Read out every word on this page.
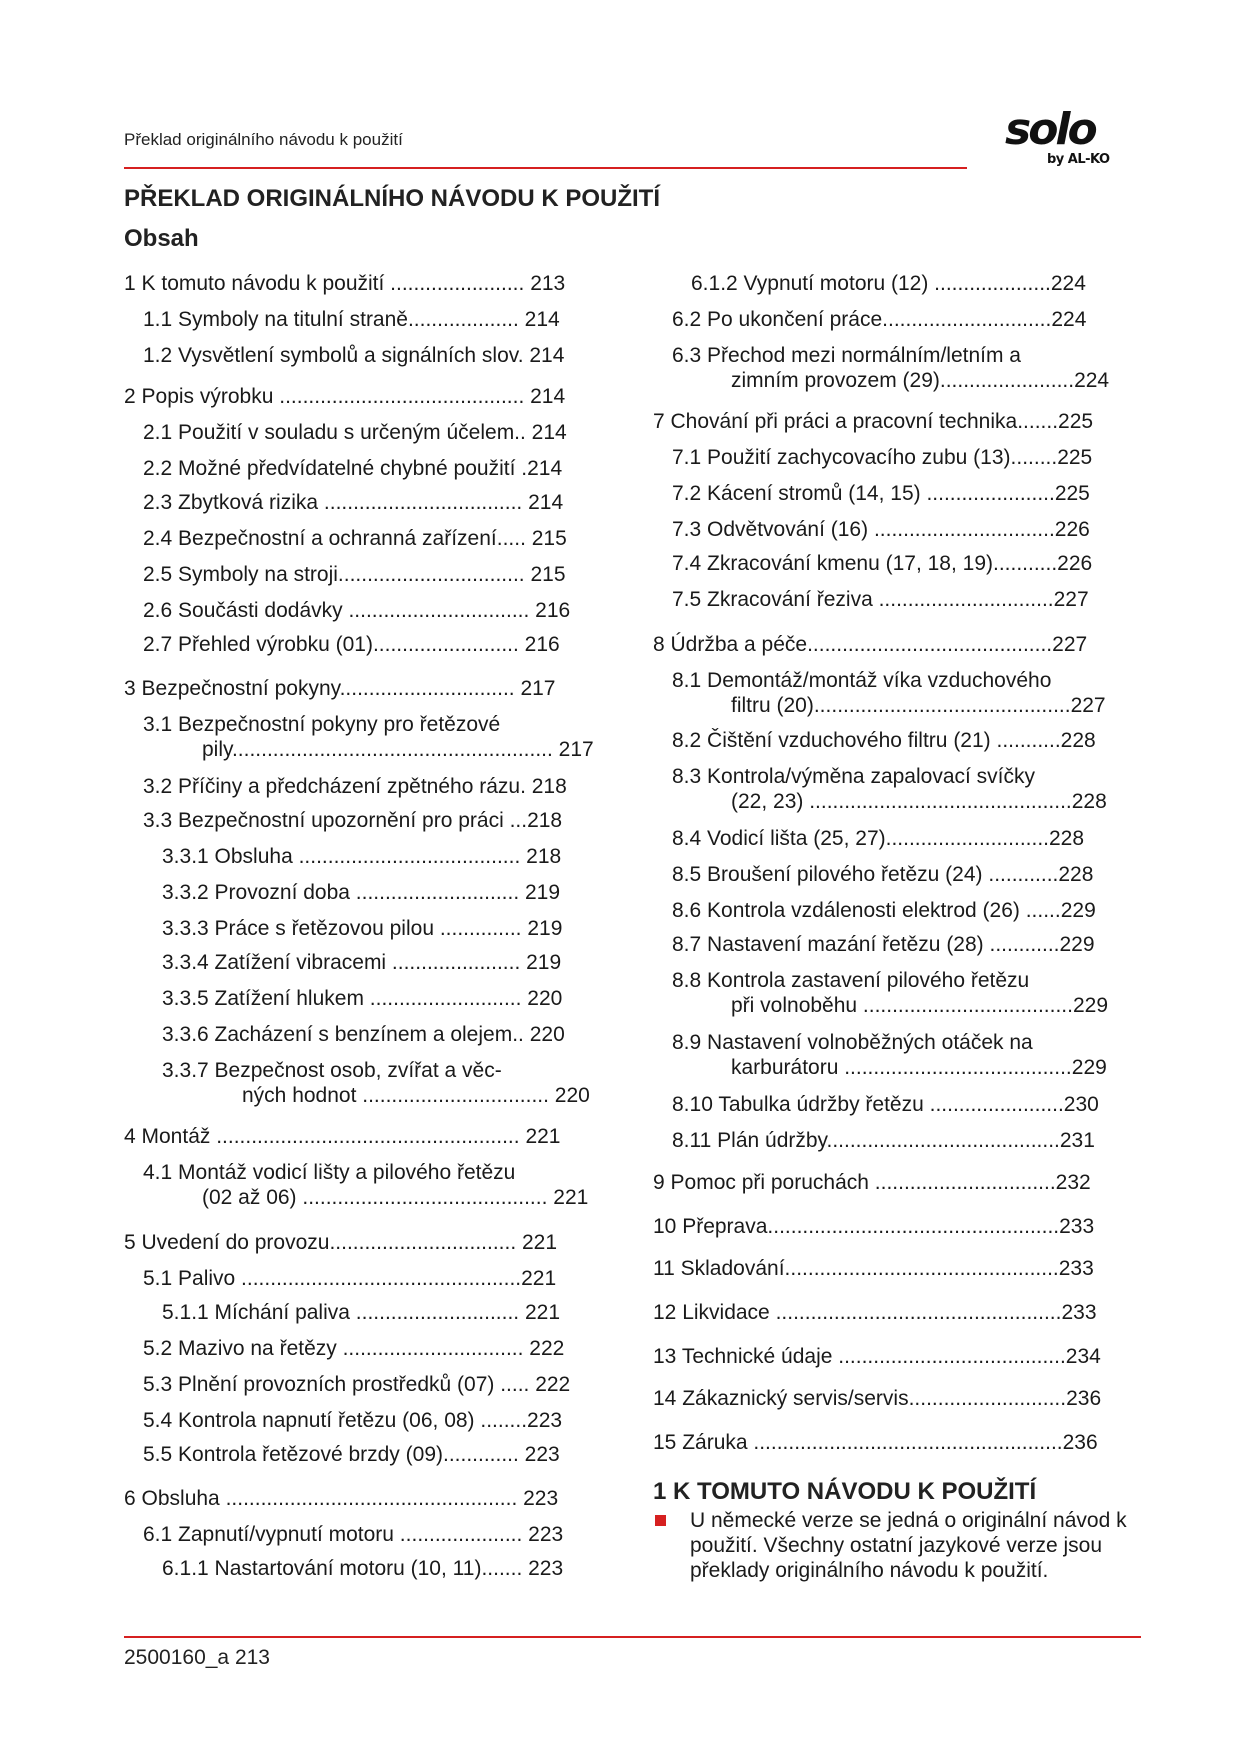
Překlad originálního návodu k použití	solo
by AL-KO
PŘEKLAD ORIGINÁLNÍHO NÁVODU K POUŽITÍ
Obsah
1 K tomuto návodu k použití ....................... 213
1.1 Symboly na titulní straně................... 214
1.2 Vysvětlení symbolů a signálních slov. 214
2 Popis výrobku .......................................... 214
2.1 Použití v souladu s určeným účelem.. 214
2.2 Možné předvídatelné chybné použití .214
2.3 Zbytková rizika .................................. 214
2.4 Bezpečnostní a ochranná zařízení..... 215
2.5 Symboly na stroji................................ 215
2.6 Součásti dodávky ............................... 216
2.7 Přehled výrobku (01)......................... 216
3 Bezpečnostní pokyny.............................. 217
3.1 Bezpečnostní pokyny pro řetězové
pily....................................................... 217
3.2 Příčiny a předcházení zpětného rázu. 218
3.3 Bezpečnostní upozornění pro práci ...218
3.3.1 Obsluha ...................................... 218
3.3.2 Provozní doba ............................ 219
3.3.3 Práce s řetězovou pilou .............. 219
3.3.4 Zatížení vibracemi ...................... 219
3.3.5 Zatížení hlukem .......................... 220
3.3.6 Zacházení s benzínem a olejem.. 220
3.3.7 Bezpečnost osob, zvířat a věc-
ných hodnot ................................ 220
4 Montáž .................................................... 221
4.1 Montáž vodicí lišty a pilového řetězu
(02 až 06) .......................................... 221
5 Uvedení do provozu................................ 221
5.1 Palivo ................................................221
5.1.1 Míchání paliva ............................ 221
5.2 Mazivo na řetězy ............................... 222
5.3 Plnění provozních prostředků (07) ..... 222
5.4 Kontrola napnutí řetězu (06, 08) ........223
5.5 Kontrola řetězové brzdy (09)............. 223
6 Obsluha .................................................. 223
6.1 Zapnutí/vypnutí motoru ..................... 223
6.1.1 Nastartování motoru (10, 11)....... 223
6.1.2 Vypnutí motoru (12) ....................224
6.2 Po ukončení práce.............................224
6.3 Přechod mezi normálním/letním a
zimním provozem (29).......................224
7 Chování při práci a pracovní technika.......225
7.1 Použití zachycovacího zubu (13)........225
7.2 Kácení stromů (14, 15) ......................225
7.3 Odvětvování (16) ...............................226
7.4 Zkracování kmenu (17, 18, 19)...........226
7.5 Zkracování řeziva ..............................227
8 Údržba a péče..........................................227
8.1 Demontáž/montáž víka vzduchového
filtru (20)............................................227
8.2 Čištění vzduchového filtru (21) ...........228
8.3 Kontrola/výměna zapalovací svíčky
(22, 23) .............................................228
8.4 Vodicí lišta (25, 27)............................228
8.5 Broušení pilového řetězu (24) ............228
8.6 Kontrola vzdálenosti elektrod (26) ......229
8.7 Nastavení mazání řetězu (28) ............229
8.8 Kontrola zastavení pilového řetězu
při volnoběhu ....................................229
8.9 Nastavení volnoběžných otáček na
karburátoru .......................................229
8.10 Tabulka údržby řetězu .......................230
8.11 Plán údržby........................................231
9 Pomoc při poruchách ...............................232
10 Přeprava..................................................233
11 Skladování...............................................233
12 Likvidace .................................................233
13 Technické údaje .......................................234
14 Zákaznický servis/servis...........................236
15 Záruka .....................................................236
1 K TOMUTO NÁVODU K POUŽITÍ
U německé verze se jedná o originální návod k použití. Všechny ostatní jazykové verze jsou překlady originálního návodu k použití.
2500160_a 213
